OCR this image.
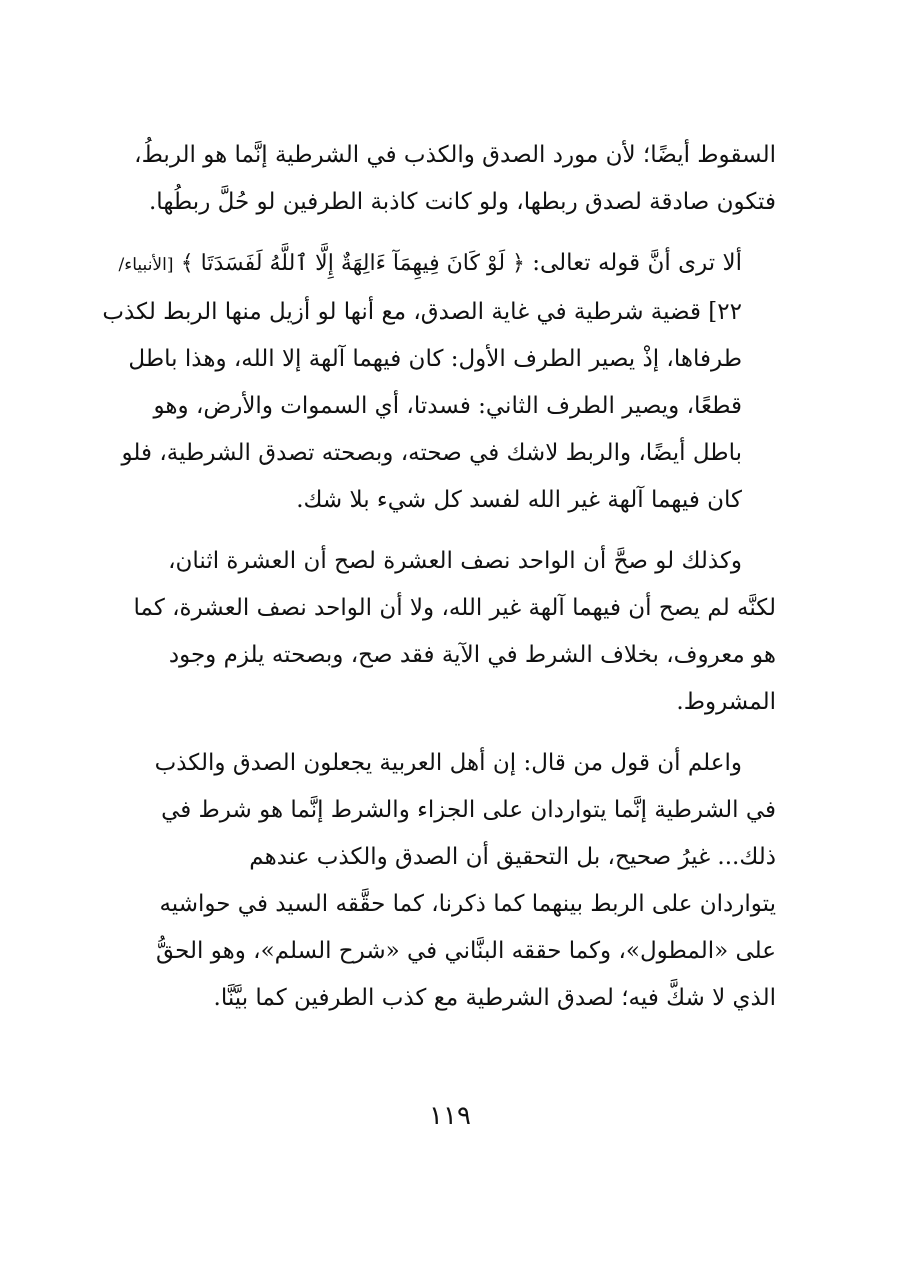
السقوط أيضًا؛ لأن مورد الصدق والكذب في الشرطية إنَّما هو الربطُ،
فتكون صادقة لصدق ربطها، ولو كانت كاذبة الطرفين لو حُلَّ ربطُها.

ألا ترى أنَّ قوله تعالى: ﴿ لَوْ كَانَ فِيهِمَآ ءَالِهَةٌ إِلَّا ٱللَّهُ لَفَسَدَتَا ﴾ [الأنبياء/
٢٢] قضية شرطية في غاية الصدق، مع أنها لو أزيل منها الربط لكذب
طرفاها، إذْ يصير الطرف الأول: كان فيهما آلهة إلا الله، وهذا باطل
قطعًا، ويصير الطرف الثاني: فسدتا، أي السموات والأرض، وهو
باطل أيضًا، والربط لاشك في صحته، وبصحته تصدق الشرطية، فلو
كان فيهما آلهة غير الله لفسد كل شيء بلا شك.

وكذلك لو صحَّ أن الواحد نصف العشرة لصح أن العشرة اثنان،
لكنَّه لم يصح أن فيهما آلهة غير الله، ولا أن الواحد نصف العشرة، كما
هو معروف، بخلاف الشرط في الآية فقد صح، وبصحته يلزم وجود
المشروط.

واعلم أن قول من قال: إن أهل العربية يجعلون الصدق والكذب
في الشرطية إنَّما يتواردان على الجزاء والشرط إنَّما هو شرط في
ذلك... غيرُ صحيح، بل التحقيق أن الصدق والكذب عندهم
يتواردان على الربط بينهما كما ذكرنا، كما حقَّقه السيد في حواشيه
على «المطول»، وكما حققه البنَّاني في «شرح السلم»، وهو الحقُّ
الذي لا شكَّ فيه؛ لصدق الشرطية مع كذب الطرفين كما بيَّنَّا.

١١٩
